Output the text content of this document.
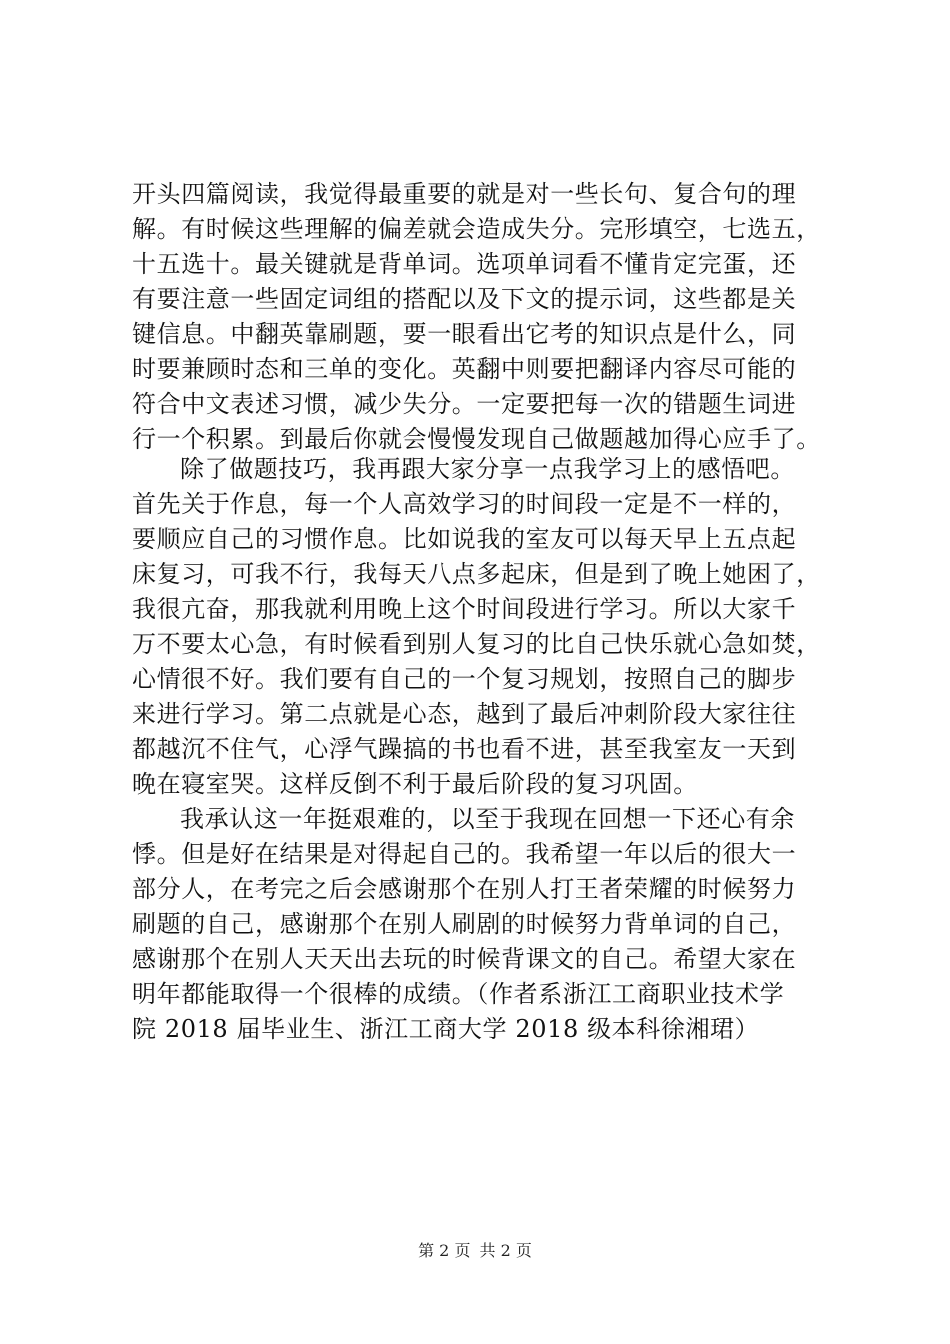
开头四篇阅读，我觉得最重要的就是对一些长句、复合句的理
解。有时候这些理解的偏差就会造成失分。完形填空，七选五，
十五选十。最关键就是背单词。选项单词看不懂肯定完蛋，还
有要注意一些固定词组的搭配以及下文的提示词，这些都是关
键信息。中翻英靠刷题，要一眼看出它考的知识点是什么，同
时要兼顾时态和三单的变化。英翻中则要把翻译内容尽可能的
符合中文表述习惯，减少失分。一定要把每一次的错题生词进
行一个积累。到最后你就会慢慢发现自己做题越加得心应手了。
除了做题技巧，我再跟大家分享一点我学习上的感悟吧。
首先关于作息，每一个人高效学习的时间段一定是不一样的，
要顺应自己的习惯作息。比如说我的室友可以每天早上五点起
床复习，可我不行，我每天八点多起床，但是到了晚上她困了，
我很亢奋，那我就利用晚上这个时间段进行学习。所以大家千
万不要太心急，有时候看到别人复习的比自己快乐就心急如焚，
心情很不好。我们要有自己的一个复习规划，按照自己的脚步
来进行学习。第二点就是心态，越到了最后冲刺阶段大家往往
都越沉不住气，心浮气躁搞的书也看不进，甚至我室友一天到
晚在寝室哭。这样反倒不利于最后阶段的复习巩固。
我承认这一年挺艰难的，以至于我现在回想一下还心有余
悸。但是好在结果是对得起自己的。我希望一年以后的很大一
部分人，在考完之后会感谢那个在别人打王者荣耀的时候努力
刷题的自己，感谢那个在别人刷剧的时候努力背单词的自己，
感谢那个在别人天天出去玩的时候背课文的自己。希望大家在
明年都能取得一个很棒的成绩。（作者系浙江工商职业技术学
院 2018 届毕业生、浙江工商大学 2018 级本科徐湘珺）
第 2 页 共 2 页
